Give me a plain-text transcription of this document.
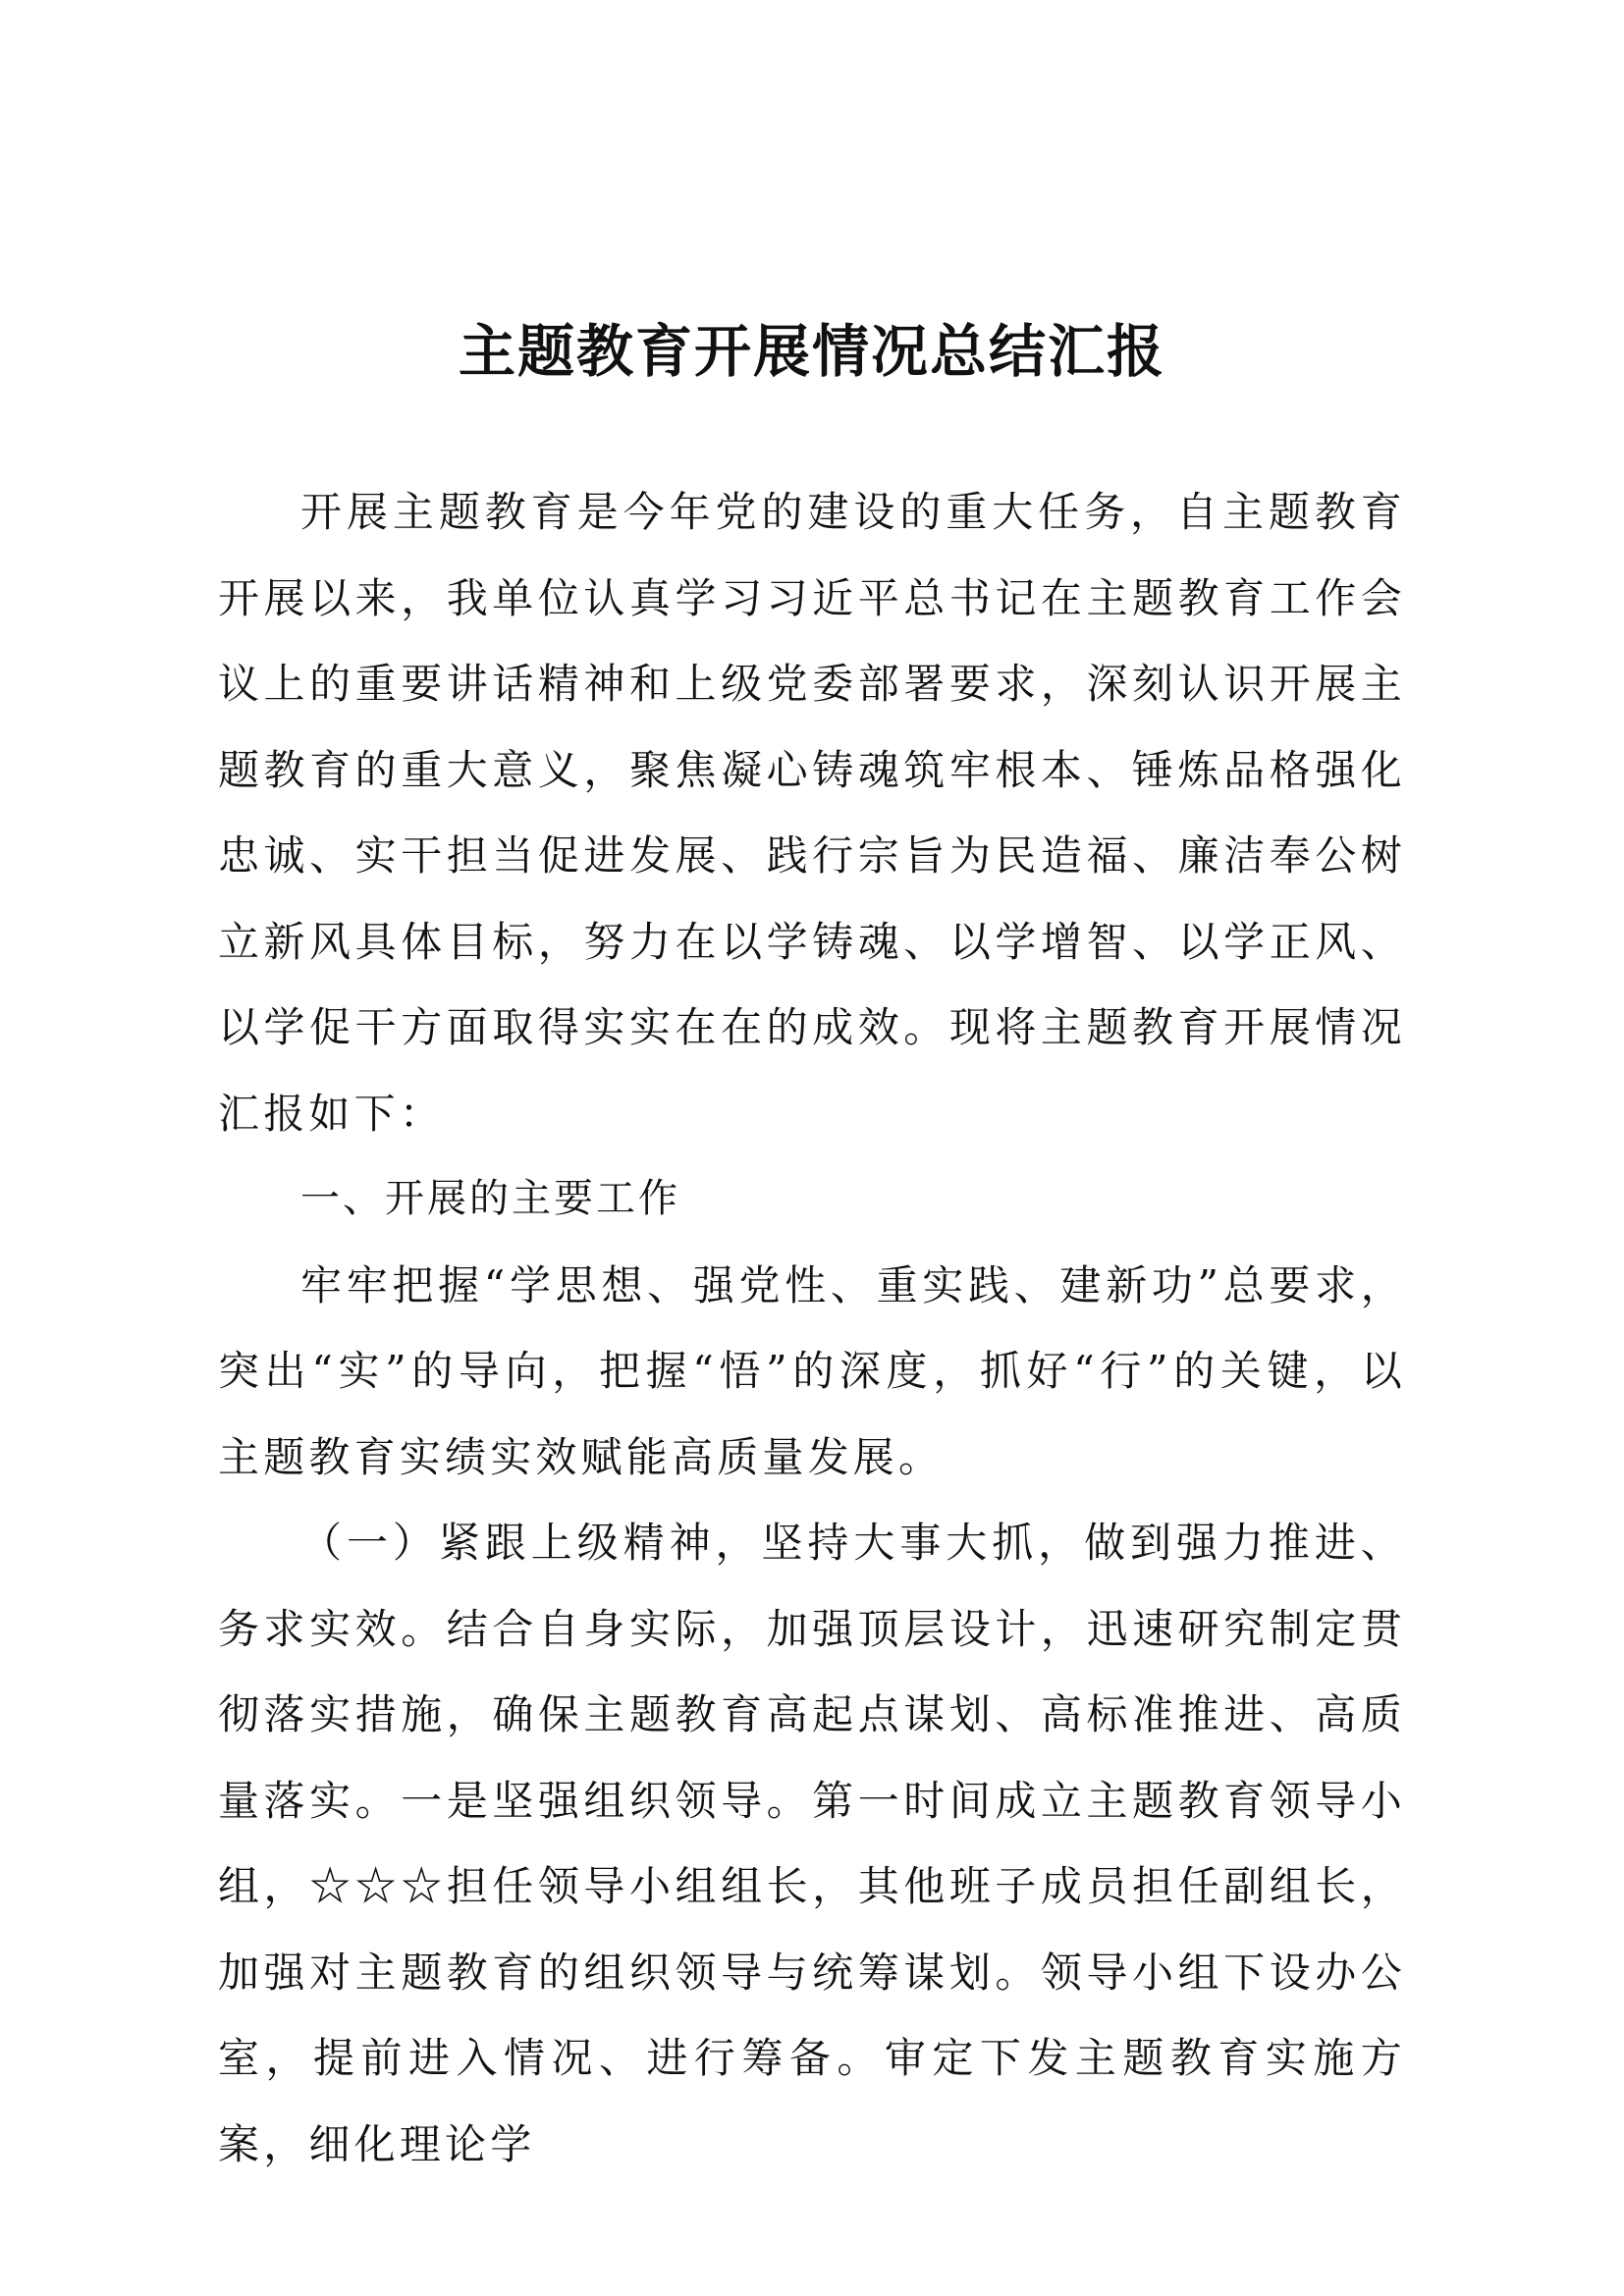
主题教育开展情况总结汇报

开展主题教育是今年党的建设的重大任务，自主题教育开展以来，我单位认真学习习近平总书记在主题教育工作会议上的重要讲话精神和上级党委部署要求，深刻认识开展主题教育的重大意义，聚焦凝心铸魂筑牢根本、锤炼品格强化忠诚、实干担当促进发展、践行宗旨为民造福、廉洁奉公树立新风具体目标，努力在以学铸魂、以学增智、以学正风、以学促干方面取得实实在在的成效。现将主题教育开展情况汇报如下：

一、开展的主要工作

牢牢把握“学思想、强党性、重实践、建新功”总要求，突出“实”的导向，把握“悟”的深度，抓好“行”的关键，以主题教育实绩实效赋能高质量发展。

（一）紧跟上级精神，坚持大事大抓，做到强力推进、务求实效。结合自身实际，加强顶层设计，迅速研究制定贯彻落实措施，确保主题教育高起点谋划、高标准推进、高质量落实。一是坚强组织领导。第一时间成立主题教育领导小组，☆☆☆担任领导小组组长，其他班子成员担任副组长，加强对主题教育的组织领导与统筹谋划。领导小组下设办公室，提前进入情况、进行筹备。审定下发主题教育实施方案，细化理论学
